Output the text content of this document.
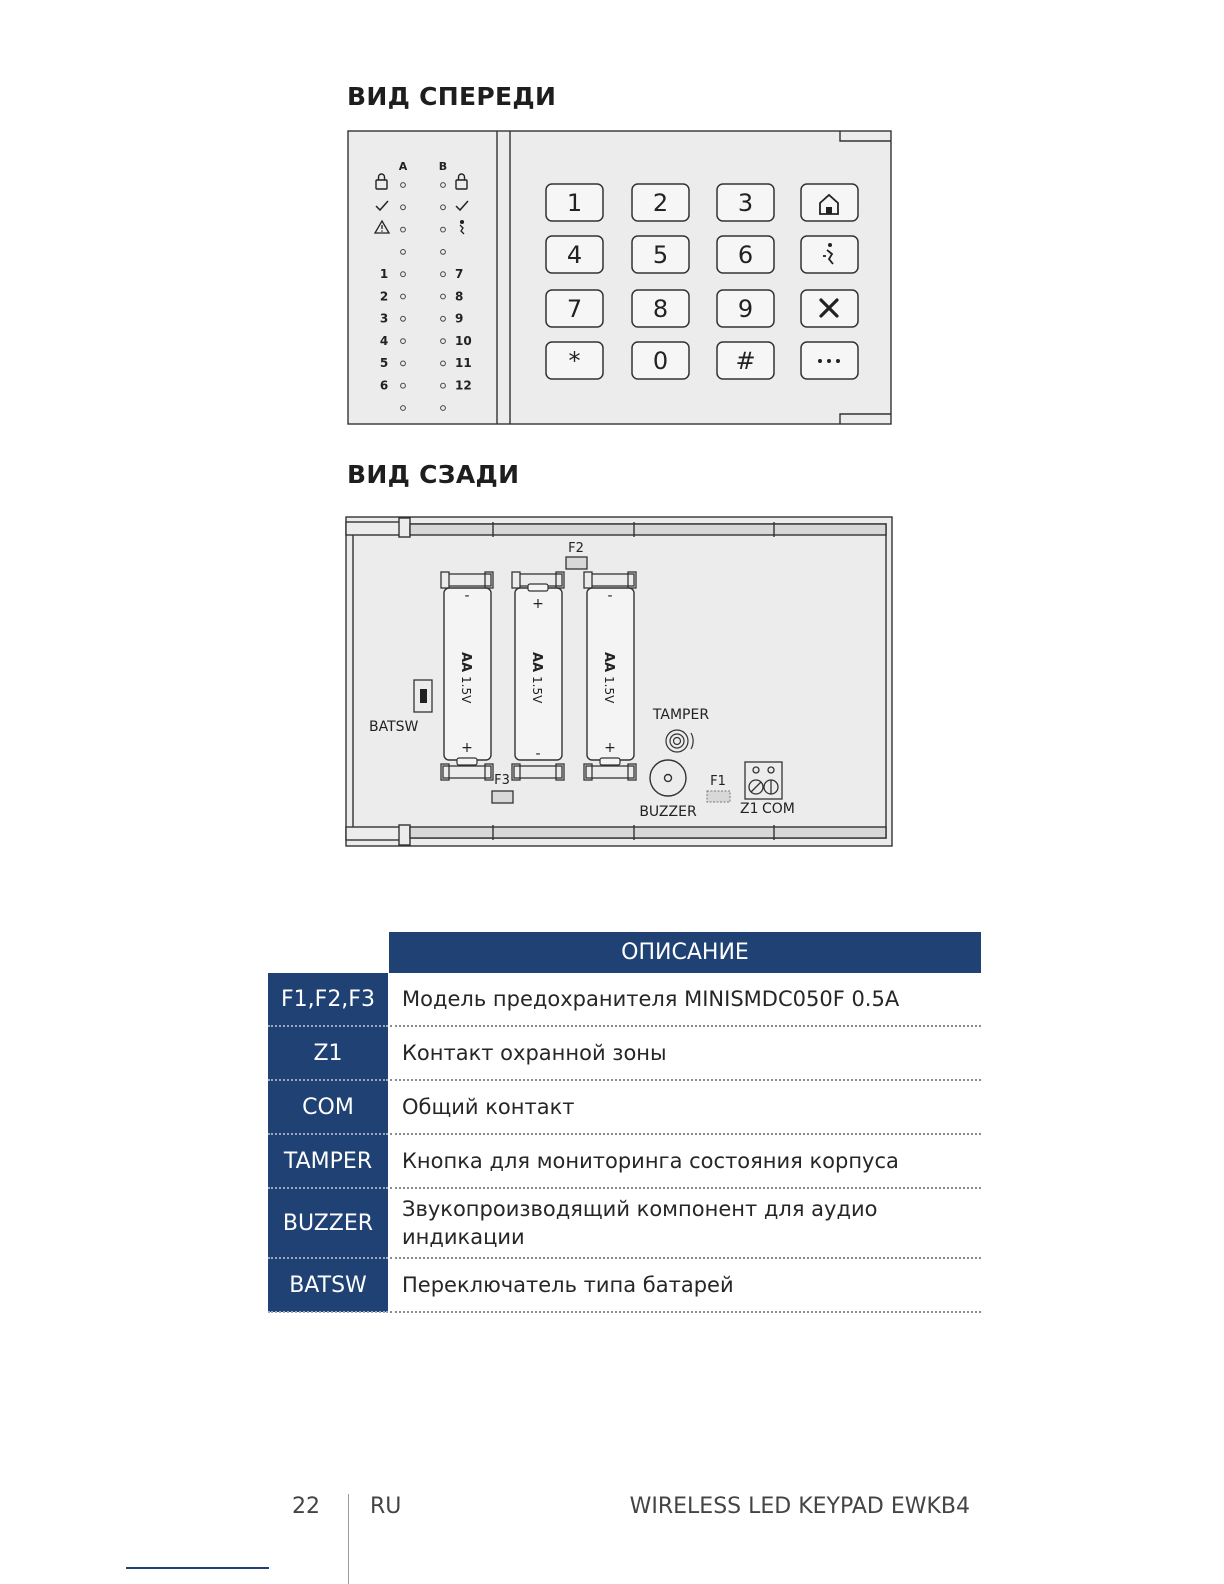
ВИД СПЕРЕДИ
A	B
1
2
3
4
5
6
7
8
9
10
11
12
1	2	3
4	5	6
7	8	9
*	0	#
ВИД СЗАДИ
F2
-
+
AA
1.5V
+
-
AA
1.5V
-
+
AA
1.5V
BATSW
TAMPER
BUZZER
F1
F3
Z1 COM
	ОПИСАНИЕ
F1,F2,F3	Модель предохранителя MINISMDC050F 0.5A
Z1	Контакт охранной зоны
COM	Общий контакт
TAMPER	Кнопка для мониторинга состояния корпуса
BUZZER	Звукопроизводящий компонент для аудио индикации
BATSW	Переключатель типа батарей

22 RU	WIRELESS LED KEYPAD EWKB4
